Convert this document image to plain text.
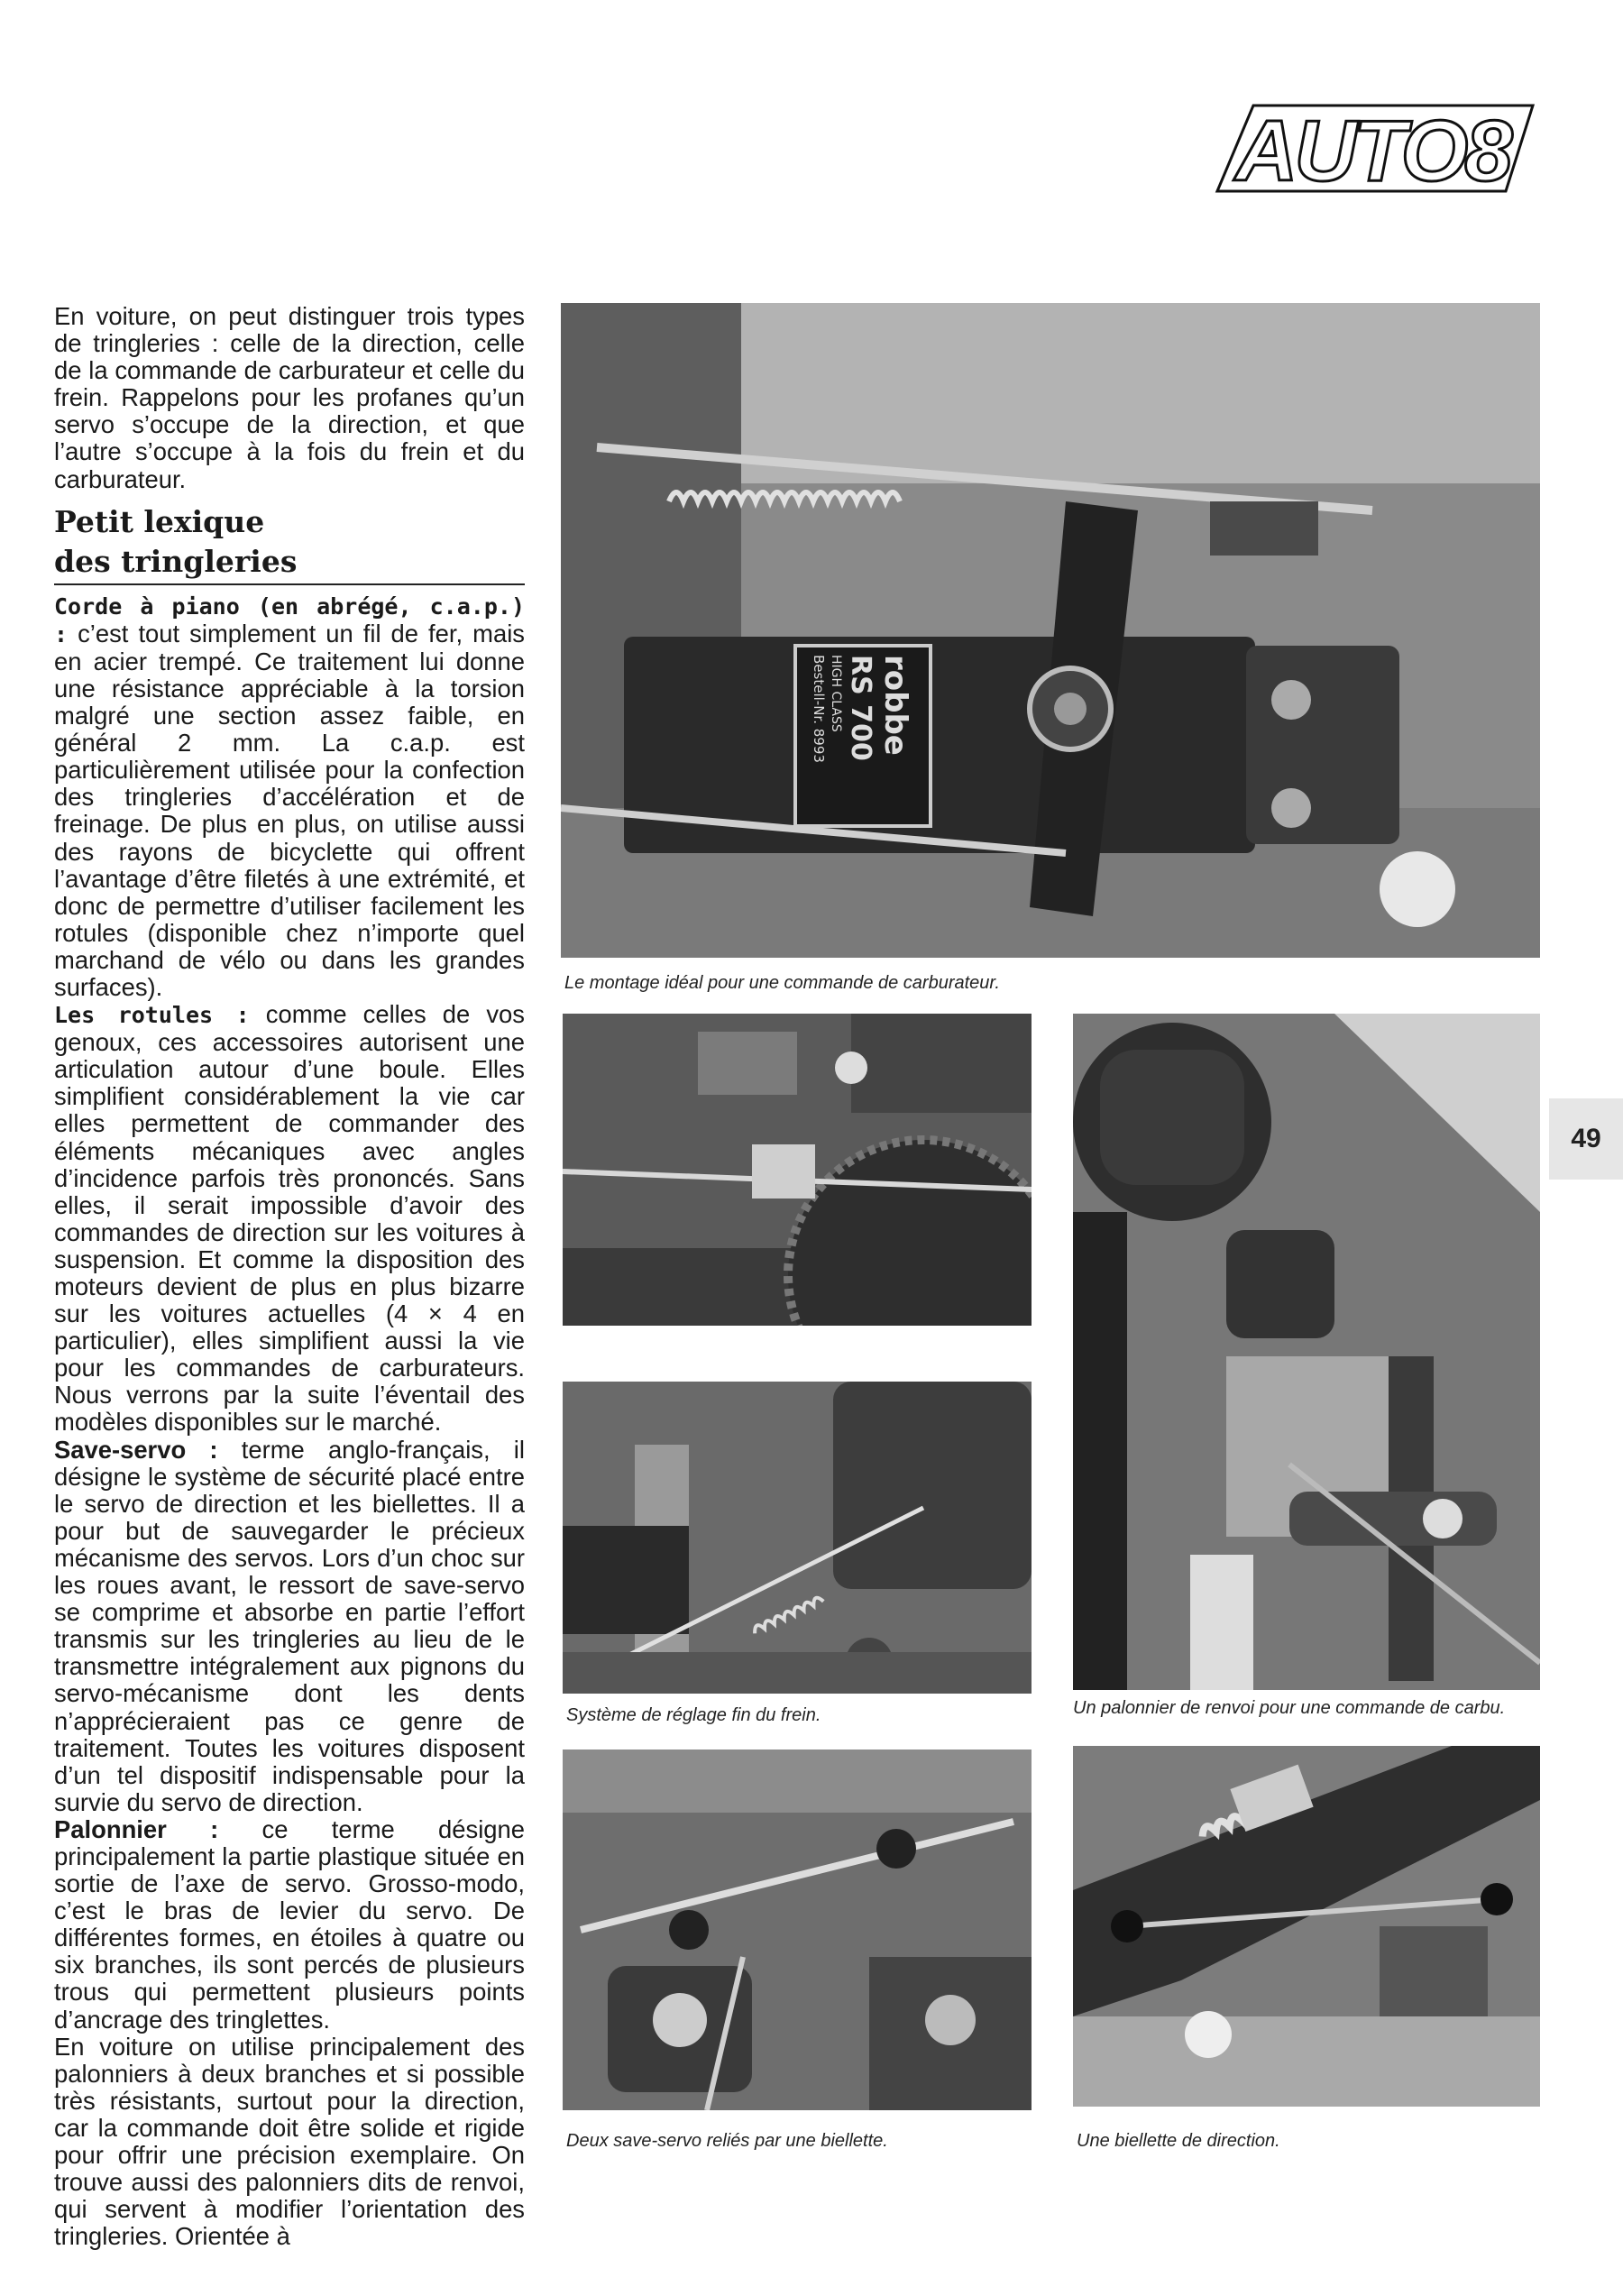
AUTO8

En voiture, on peut distinguer trois types de tringleries : celle de la direction, celle de la commande de carburateur et celle du frein. Rappelons pour les profanes qu’un servo s’occupe de la direction, et que l’autre s’occupe à la fois du frein et du carburateur.

Petit lexique
des tringleries

Corde à piano (en abrégé, c.a.p.) : c’est tout simplement un fil de fer, mais en acier trempé. Ce traitement lui donne une résistance appréciable à la torsion malgré une section assez faible, en général 2 mm. La c.a.p. est particulièrement utilisée pour la confection des tringleries d’accélération et de freinage. De plus en plus, on utilise aussi des rayons de bicyclette qui offrent l’avantage d’être filetés à une extrémité, et donc de permettre d’utiliser facilement les rotules (disponible chez n’importe quel marchand de vélo ou dans les grandes surfaces).

Les rotules : comme celles de vos genoux, ces accessoires autorisent une articulation autour d’une boule. Elles simplifient considérablement la vie car elles permettent de commander des éléments mécaniques avec angles d’incidence parfois très prononcés. Sans elles, il serait impossible d’avoir des commandes de direction sur les voitures à suspension. Et comme la disposition des moteurs devient de plus en plus bizarre sur les voitures actuelles (4 × 4 en particulier), elles simplifient aussi la vie pour les commandes de carburateurs. Nous verrons par la suite l’éventail des modèles disponibles sur le marché.

Save-servo : terme anglo-français, il désigne le système de sécurité placé entre le servo de direction et les biellettes. Il a pour but de sauvegarder le précieux mécanisme des servos. Lors d’un choc sur les roues avant, le ressort de save-servo se comprime et absorbe en partie l’effort transmis sur les tringleries au lieu de le transmettre intégralement aux pignons du servo-mécanisme dont les dents n’apprécieraient pas ce genre de traitement. Toutes les voitures disposent d’un tel dispositif indispensable pour la survie du servo de direction.

Palonnier : ce terme désigne principalement la partie plastique située en sortie de l’axe de servo. Grosso-modo, c’est le bras de levier du servo. De différentes formes, en étoiles à quatre ou six branches, ils sont percés de plusieurs trous qui permettent plusieurs points d’ancrage des tringlettes.

En voiture on utilise principalement des palonniers à deux branches et si possible très résistants, surtout pour la direction, car la commande doit être solide et rigide pour offrir une précision exemplaire. On trouve aussi des palonniers dits de renvoi, qui servent à modifier l’orientation des tringleries. Orientée à

robbe
RS 700
HIGH CLASS
Bestell-Nr. 8993
Le montage idéal pour une commande de carburateur.
Système de réglage fin du frein.	Un palonnier de renvoi pour une commande de carbu.
Deux save-servo reliés par une biellette.	Une biellette de direction.
49
